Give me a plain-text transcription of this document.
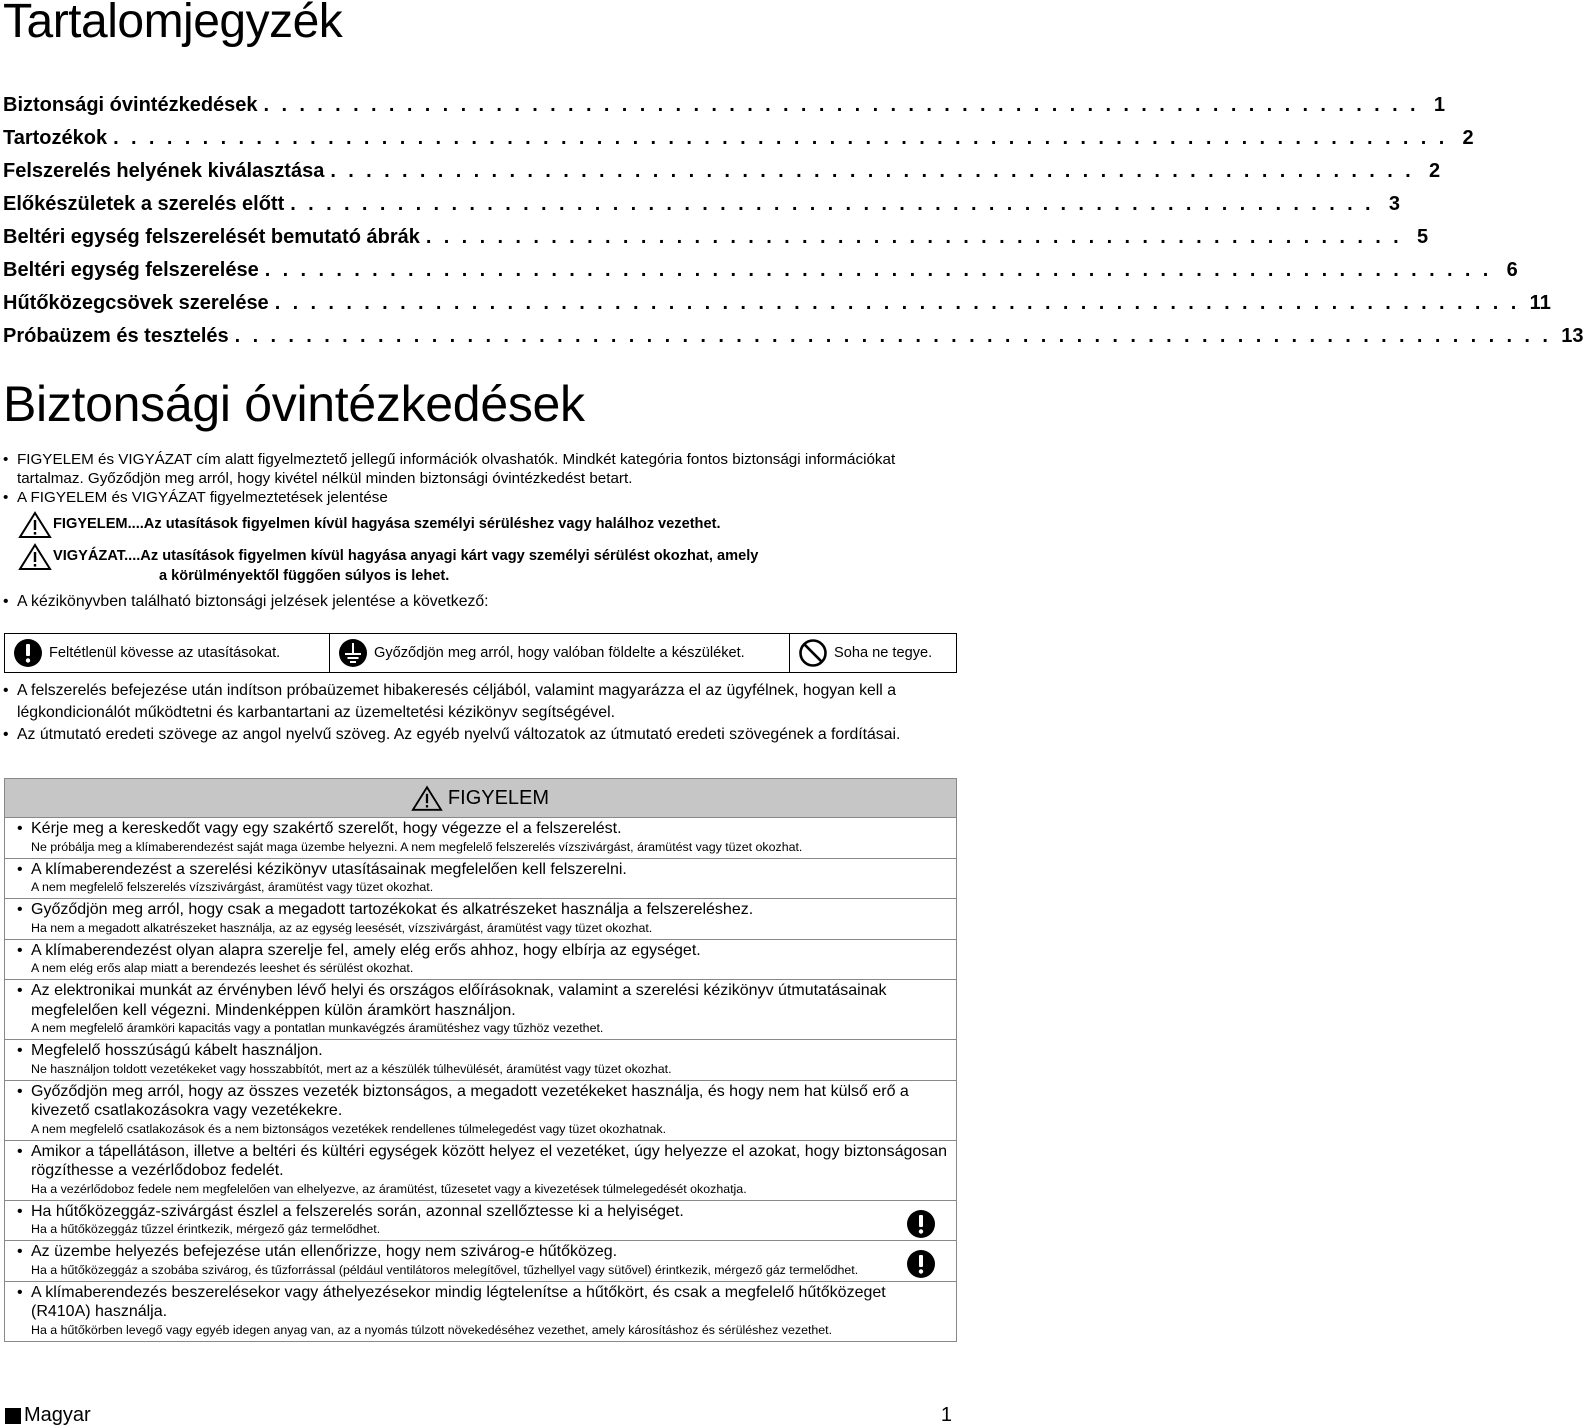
Tartalomjegyzék
Biztonsági óvintézkedések . . . . . . . . . . . . . . . . . . . . . . . . . . . . . . . . . . . . . . . . . . . . . . . . . . . . . . . . . . . . . . . . . 1
Tartozékok . . . . . . . . . . . . . . . . . . . . . . . . . . . . . . . . . . . . . . . . . . . . . . . . . . . . . . . . . . . . . . . . . . . . . . . . . . . 2
Felszerelés helyének kiválasztása . . . . . . . . . . . . . . . . . . . . . . . . . . . . . . . . . . . . . . . . . . . . . . . . . . . . . . . . . . . . . 2
Előkészületek a szerelés előtt . . . . . . . . . . . . . . . . . . . . . . . . . . . . . . . . . . . . . . . . . . . . . . . . . . . . . . . . . . . . . 3
Beltéri egység felszerelését bemutató ábrák . . . . . . . . . . . . . . . . . . . . . . . . . . . . . . . . . . . . . . . . . . . . . . . . . . . . . . . 5
Beltéri egység felszerelése . . . . . . . . . . . . . . . . . . . . . . . . . . . . . . . . . . . . . . . . . . . . . . . . . . . . . . . . . . . . . . . . . . . . . 6
Hűtőközegcsövek szerelése . . . . . . . . . . . . . . . . . . . . . . . . . . . . . . . . . . . . . . . . . . . . . . . . . . . . . . . . . . . . . . . . . . . . . . 11
Próbaüzem és tesztelés . . . . . . . . . . . . . . . . . . . . . . . . . . . . . . . . . . . . . . . . . . . . . . . . . . . . . . . . . . . . . . . . . . . . . . . . . . 13
Biztonsági óvintézkedések
• FIGYELEM és VIGYÁZAT cím alatt figyelmeztető jellegű információk olvashatók. Mindkét kategória fontos biztonsági információkat tartalmaz. Győződjön meg arról, hogy kivétel nélkül minden biztonsági óvintézkedést betart.
• A FIGYELEM és VIGYÁZAT figyelmeztetések jelentése
FIGYELEM....Az utasítások figyelmen kívül hagyása személyi sérüléshez vagy halálhoz vezethet.
VIGYÁZAT....Az utasítások figyelmen kívül hagyása anyagi kárt vagy személyi sérülést okozhat, amely
a körülményektől függően súlyos is lehet.
• A kézikönyvben található biztonsági jelzések jelentése a következő:
Feltétlenül kövesse az utasításokat.	Győződjön meg arról, hogy valóban földelte a készüléket.	Soha ne tegye.
• A felszerelés befejezése után indítson próbaüzemet hibakeresés céljából, valamint magyarázza el az ügyfélnek, hogyan kell a légkondicionálót működtetni és karbantartani az üzemeltetési kézikönyv segítségével.
• Az útmutató eredeti szövege az angol nyelvű szöveg. Az egyéb nyelvű változatok az útmutató eredeti szövegének a fordításai.
FIGYELEM
• Kérje meg a kereskedőt vagy egy szakértő szerelőt, hogy végezze el a felszerelést.
Ne próbálja meg a klímaberendezést saját maga üzembe helyezni. A nem megfelelő felszerelés vízszivárgást, áramütést vagy tüzet okozhat.
• A klímaberendezést a szerelési kézikönyv utasításainak megfelelően kell felszerelni.
A nem megfelelő felszerelés vízszivárgást, áramütést vagy tüzet okozhat.
• Győződjön meg arról, hogy csak a megadott tartozékokat és alkatrészeket használja a felszereléshez.
Ha nem a megadott alkatrészeket használja, az az egység leesését, vízszivárgást, áramütést vagy tüzet okozhat.
• A klímaberendezést olyan alapra szerelje fel, amely elég erős ahhoz, hogy elbírja az egységet.
A nem elég erős alap miatt a berendezés leeshet és sérülést okozhat.
• Az elektronikai munkát az érvényben lévő helyi és országos előírásoknak, valamint a szerelési kézikönyv útmutatásainak megfelelően kell végezni. Mindenképpen külön áramkört használjon.
A nem megfelelő áramköri kapacitás vagy a pontatlan munkavégzés áramütéshez vagy tűzhöz vezethet.
• Megfelelő hosszúságú kábelt használjon.
Ne használjon toldott vezetékeket vagy hosszabbítót, mert az a készülék túlhevülését, áramütést vagy tüzet okozhat.
• Győződjön meg arról, hogy az összes vezeték biztonságos, a megadott vezetékeket használja, és hogy nem hat külső erő a kivezető csatlakozásokra vagy vezetékekre.
A nem megfelelő csatlakozások és a nem biztonságos vezetékek rendellenes túlmelegedést vagy tüzet okozhatnak.
• Amikor a tápellátáson, illetve a beltéri és kültéri egységek között helyez el vezetéket, úgy helyezze el azokat, hogy biztonságosan rögzíthesse a vezérlődoboz fedelét.
Ha a vezérlődoboz fedele nem megfelelően van elhelyezve, az áramütést, tűzesetet vagy a kivezetések túlmelegedését okozhatja.
• Ha hűtőközeggáz-szivárgást észlel a felszerelés során, azonnal szellőztesse ki a helyiséget.
Ha a hűtőközeggáz tűzzel érintkezik, mérgező gáz termelődhet.
• Az üzembe helyezés befejezése után ellenőrizze, hogy nem szivárog-e hűtőközeg.
Ha a hűtőközeggáz a szobába szivárog, és tűzforrással (például ventilátoros melegítővel, tűzhellyel vagy sütővel) érintkezik, mérgező gáz termelődhet.
• A klímaberendezés beszerelésekor vagy áthelyezésekor mindig légtelenítse a hűtőkört, és csak a megfelelő hűtőközeget (R410A) használja.
Ha a hűtőkörben levegő vagy egyéb idegen anyag van, az a nyomás túlzott növekedéséhez vezethet, amely károsításhoz és sérüléshez vezethet.
Magyar	1
